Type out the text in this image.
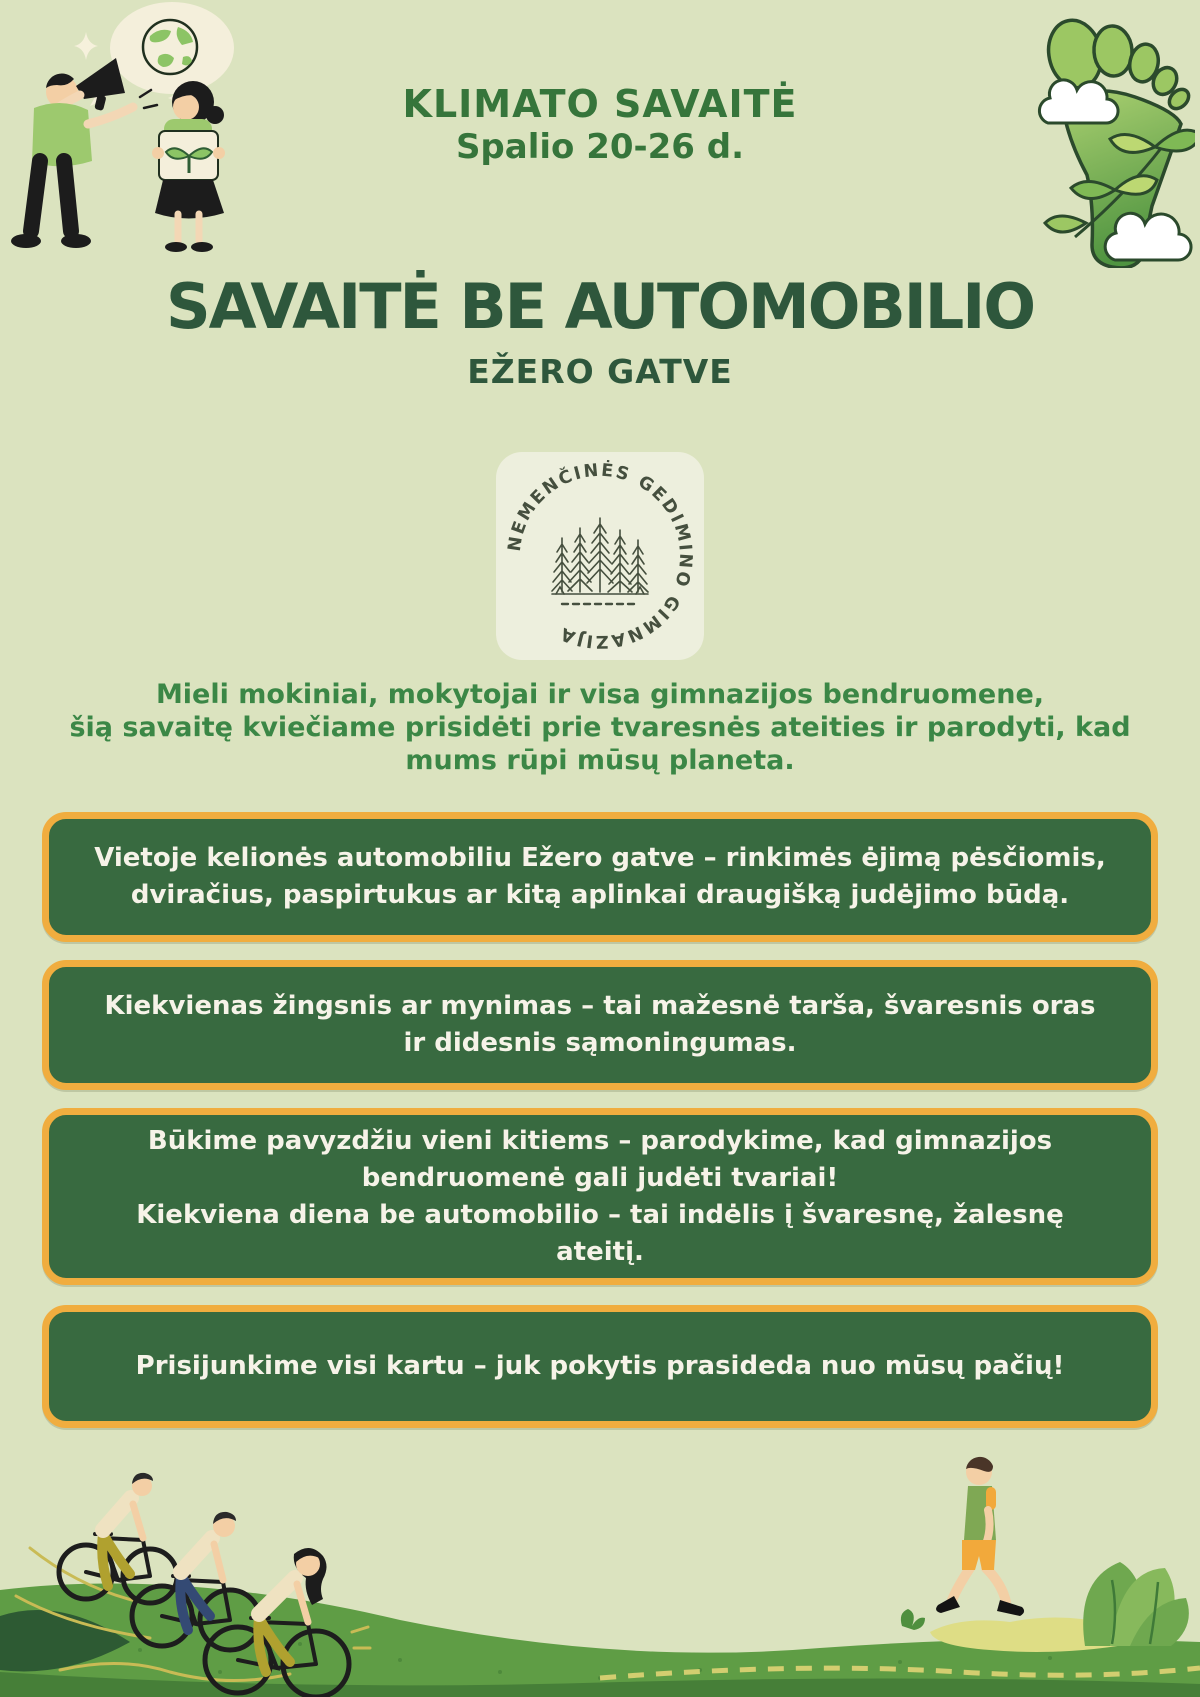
KLIMATO SAVAITĖ
Spalio 20-26 d.
SAVAITĖ BE AUTOMOBILIO
EŽERO GATVE
NEMENČINĖS GEDIMINO GIMNAZIJA
Mieli mokiniai, mokytojai ir visa gimnazijos bendruomene,
šią savaitę kviečiame prisidėti prie tvaresnės ateities ir parodyti, kad
mums rūpi mūsų planeta.

Vietoje kelionės automobiliu Ežero gatve – rinkimės ėjimą pėsčiomis, dviračius, paspirtukus ar kitą aplinkai draugišką judėjimo būdą.

Kiekvienas žingsnis ar mynimas – tai mažesnė tarša, švaresnis oras ir didesnis sąmoningumas.

Būkime pavyzdžiu vieni kitiems – parodykime, kad gimnazijos bendruomenė gali judėti tvariai!

Kiekviena diena be automobilio – tai indėlis į švaresnę, žalesnę ateitį.

Prisijunkime visi kartu – juk pokytis prasideda nuo mūsų pačių!
